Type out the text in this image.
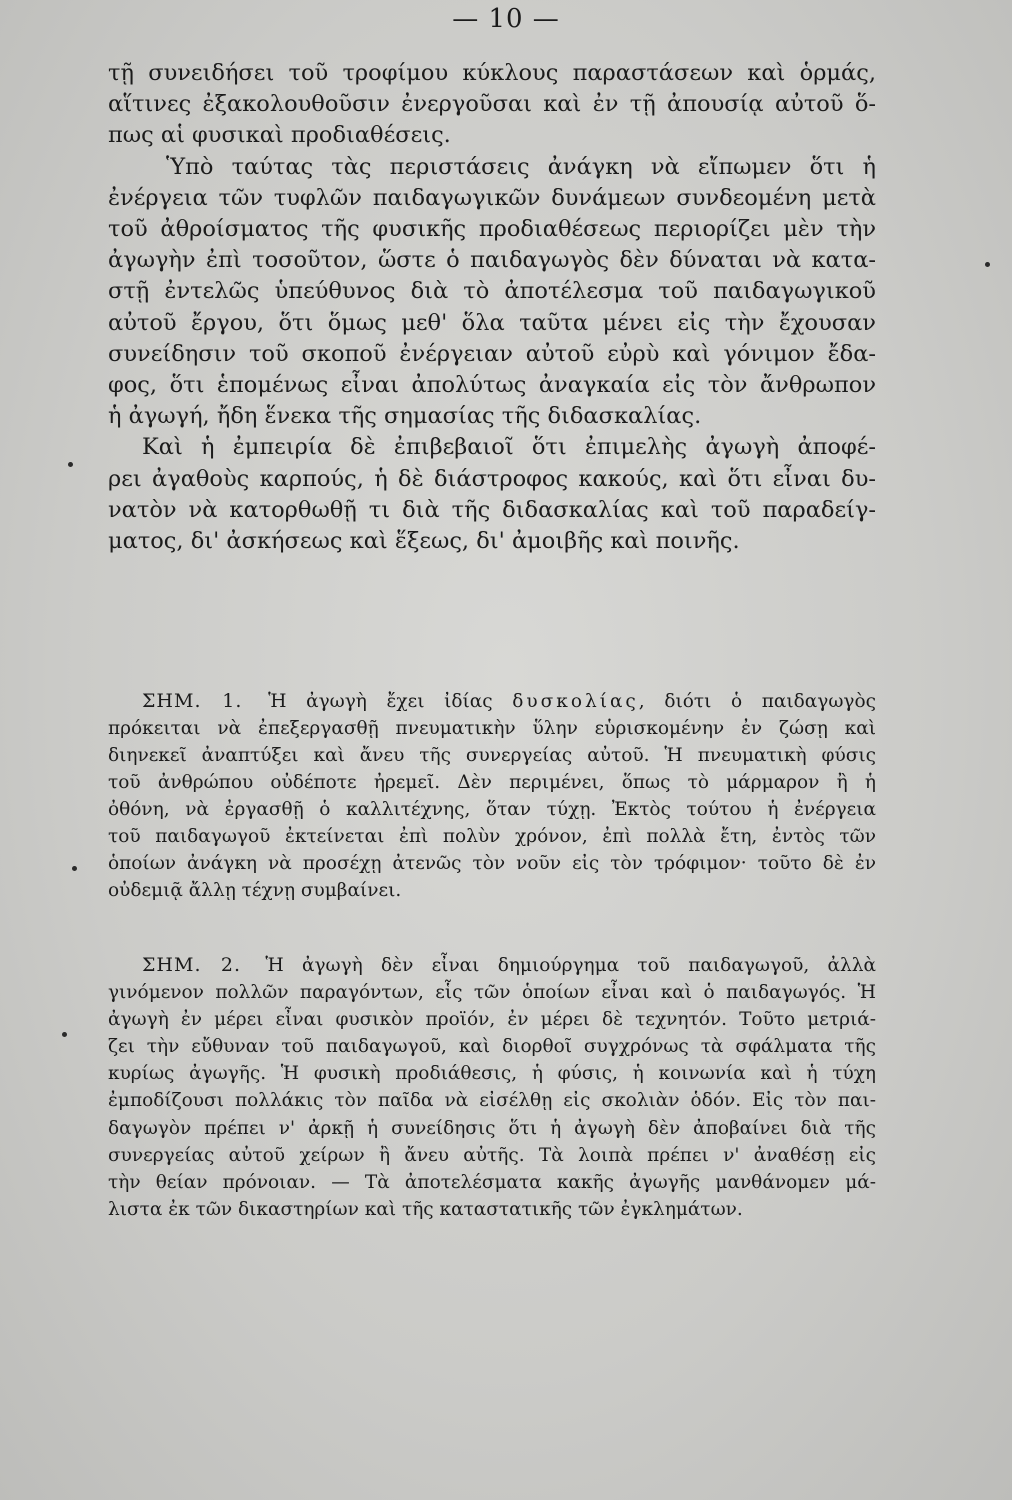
— 10 —
τῇ συνειδήσει τοῦ τροφίμου κύκλους παραστάσεων καὶ ὁρμάς,
αἵτινες ἐξακολουθοῦσιν ἐνεργοῦσαι καὶ ἐν τῇ ἀπουσίᾳ αὐτοῦ ὅ-
πως αἱ φυσικαὶ προδιαθέσεις.
Ὑπὸ ταύτας τὰς περιστάσεις ἀνάγκη νὰ εἴπωμεν ὅτι ἡ
ἐνέργεια τῶν τυφλῶν παιδαγωγικῶν δυνάμεων συνδεομένη μετὰ
τοῦ ἀθροίσματος τῆς φυσικῆς προδιαθέσεως περιορίζει μὲν τὴν
ἀγωγὴν ἐπὶ τοσοῦτον, ὥστε ὁ παιδαγωγὸς δὲν δύναται νὰ κατα-
στῇ ἐντελῶς ὑπεύθυνος διὰ τὸ ἀποτέλεσμα τοῦ παιδαγωγικοῦ
αὐτοῦ ἔργου, ὅτι ὅμως μεθ' ὅλα ταῦτα μένει εἰς τὴν ἔχουσαν
συνείδησιν τοῦ σκοποῦ ἐνέργειαν αὐτοῦ εὐρὺ καὶ γόνιμον ἔδα-
φος, ὅτι ἑπομένως εἶναι ἀπολύτως ἀναγκαία εἰς τὸν ἄνθρωπον
ἡ ἀγωγή, ἤδη ἕνεκα τῆς σημασίας τῆς διδασκαλίας.
Καὶ ἡ ἐμπειρία δὲ ἐπιβεβαιοῖ ὅτι ἐπιμελὴς ἀγωγὴ ἀποφέ-
ρει ἀγαθοὺς καρπούς, ἡ δὲ διάστροφος κακούς, καὶ ὅτι εἶναι δυ-
νατὸν νὰ κατορθωθῇ τι διὰ τῆς διδασκαλίας καὶ τοῦ παραδείγ-
ματος, δι' ἀσκήσεως καὶ ἕξεως, δι' ἀμοιβῆς καὶ ποινῆς.
ΣΗΜ. 1. Ἡ ἀγωγὴ ἔχει ἰδίας δυσκολίας, διότι ὁ παιδαγωγὸς
πρόκειται νὰ ἐπεξεργασθῇ πνευματικὴν ὕλην εὑρισκομένην ἐν ζώσῃ καὶ
διηνεκεῖ ἀναπτύξει καὶ ἄνευ τῆς συνεργείας αὐτοῦ. Ἡ πνευματικὴ φύσις
τοῦ ἀνθρώπου οὐδέποτε ἠρεμεῖ. Δὲν περιμένει, ὅπως τὸ μάρμαρον ἢ ἡ
ὀθόνη, νὰ ἐργασθῇ ὁ καλλιτέχνης, ὅταν τύχῃ. Ἐκτὸς τούτου ἡ ἐνέργεια
τοῦ παιδαγωγοῦ ἐκτείνεται ἐπὶ πολὺν χρόνον, ἐπὶ πολλὰ ἔτη, ἐντὸς τῶν
ὁποίων ἀνάγκη νὰ προσέχῃ ἀτενῶς τὸν νοῦν εἰς τὸν τρόφιμον· τοῦτο δὲ ἐν
οὐδεμιᾷ ἄλλῃ τέχνῃ συμβαίνει.
ΣΗΜ. 2. Ἡ ἀγωγὴ δὲν εἶναι δημιούργημα τοῦ παιδαγωγοῦ, ἀλλὰ
γινόμενον πολλῶν παραγόντων, εἷς τῶν ὁποίων εἶναι καὶ ὁ παιδαγωγός. Ἡ
ἀγωγὴ ἐν μέρει εἶναι φυσικὸν προϊόν, ἐν μέρει δὲ τεχνητόν. Τοῦτο μετριά-
ζει τὴν εὔθυναν τοῦ παιδαγωγοῦ, καὶ διορθοῖ συγχρόνως τὰ σφάλματα τῆς
κυρίως ἀγωγῆς. Ἡ φυσικὴ προδιάθεσις, ἡ φύσις, ἡ κοινωνία καὶ ἡ τύχη
ἐμποδίζουσι πολλάκις τὸν παῖδα νὰ εἰσέλθῃ εἰς σκολιὰν ὁδόν. Εἰς τὸν παι-
δαγωγὸν πρέπει ν' ἀρκῇ ἡ συνείδησις ὅτι ἡ ἀγωγὴ δὲν ἀποβαίνει διὰ τῆς
συνεργείας αὐτοῦ χείρων ἢ ἄνευ αὐτῆς. Τὰ λοιπὰ πρέπει ν' ἀναθέσῃ εἰς
τὴν θείαν πρόνοιαν. — Τὰ ἀποτελέσματα κακῆς ἀγωγῆς μανθάνομεν μά-
λιστα ἐκ τῶν δικαστηρίων καὶ τῆς καταστατικῆς τῶν ἐγκλημάτων.
